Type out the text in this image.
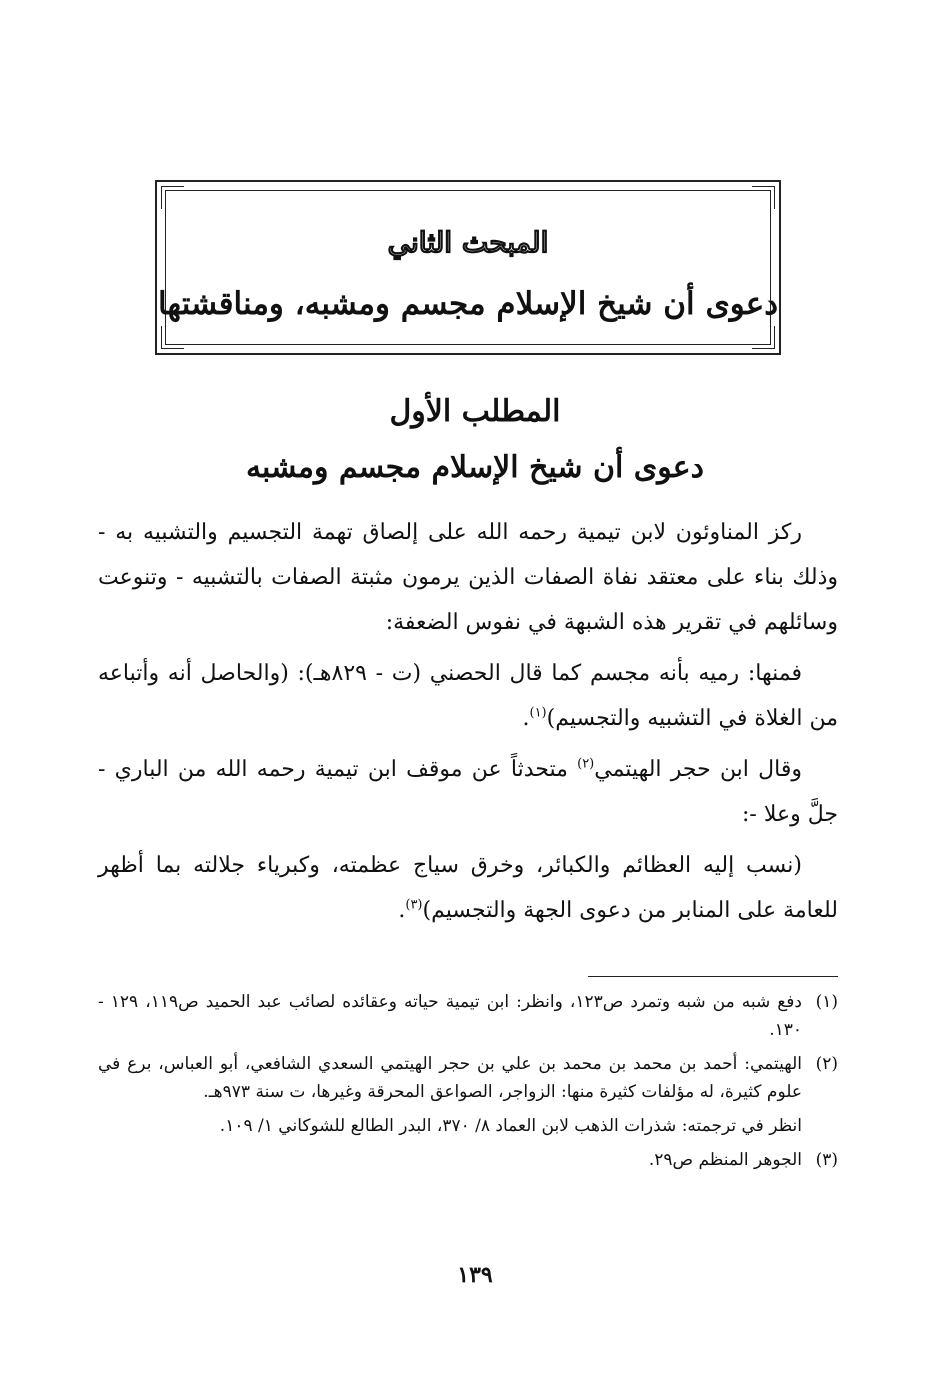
المبحث الثاني
دعوى أن شيخ الإسلام مجسم ومشبه، ومناقشتها
المطلب الأول
دعوى أن شيخ الإسلام مجسم ومشبه

ركز المناوئون لابن تيمية رحمه الله على إلصاق تهمة التجسيم والتشبيه به - وذلك بناء على معتقد نفاة الصفات الذين يرمون مثبتة الصفات بالتشبيه - وتنوعت وسائلهم في تقرير هذه الشبهة في نفوس الضعفة:

فمنها: رميه بأنه مجسم كما قال الحصني (ت - ٨٢٩هـ): (والحاصل أنه وأتباعه من الغلاة في التشبيه والتجسيم)$^{(١)}$.

وقال ابن حجر الهيتمي$^{(٢)}$ متحدثاً عن موقف ابن تيمية رحمه الله من الباري - جلَّ وعلا -:

(نسب إليه العظائم والكبائر، وخرق سياج عظمته، وكبرياء جلالته بما أظهر للعامة على المنابر من دعوى الجهة والتجسيم)$^{(٣)}$.

(١)
دفع شبه من شبه وتمرد ص١٢٣، وانظر: ابن تيمية حياته وعقائده لصائب عبد الحميد ص١١٩، ١٢٩ - ١٣٠.
(٢)
الهيتمي: أحمد بن محمد بن محمد بن علي بن حجر الهيتمي السعدي الشافعي، أبو العباس، برع في علوم كثيرة، له مؤلفات كثيرة منها: الزواجر، الصواعق المحرقة وغيرها، ت سنة ٩٧٣هـ.
انظر في ترجمته: شذرات الذهب لابن العماد ٨/ ٣٧٠، البدر الطالع للشوكاني ١/ ١٠٩.
(٣)
الجوهر المنظم ص٢٩.
١٣٩
